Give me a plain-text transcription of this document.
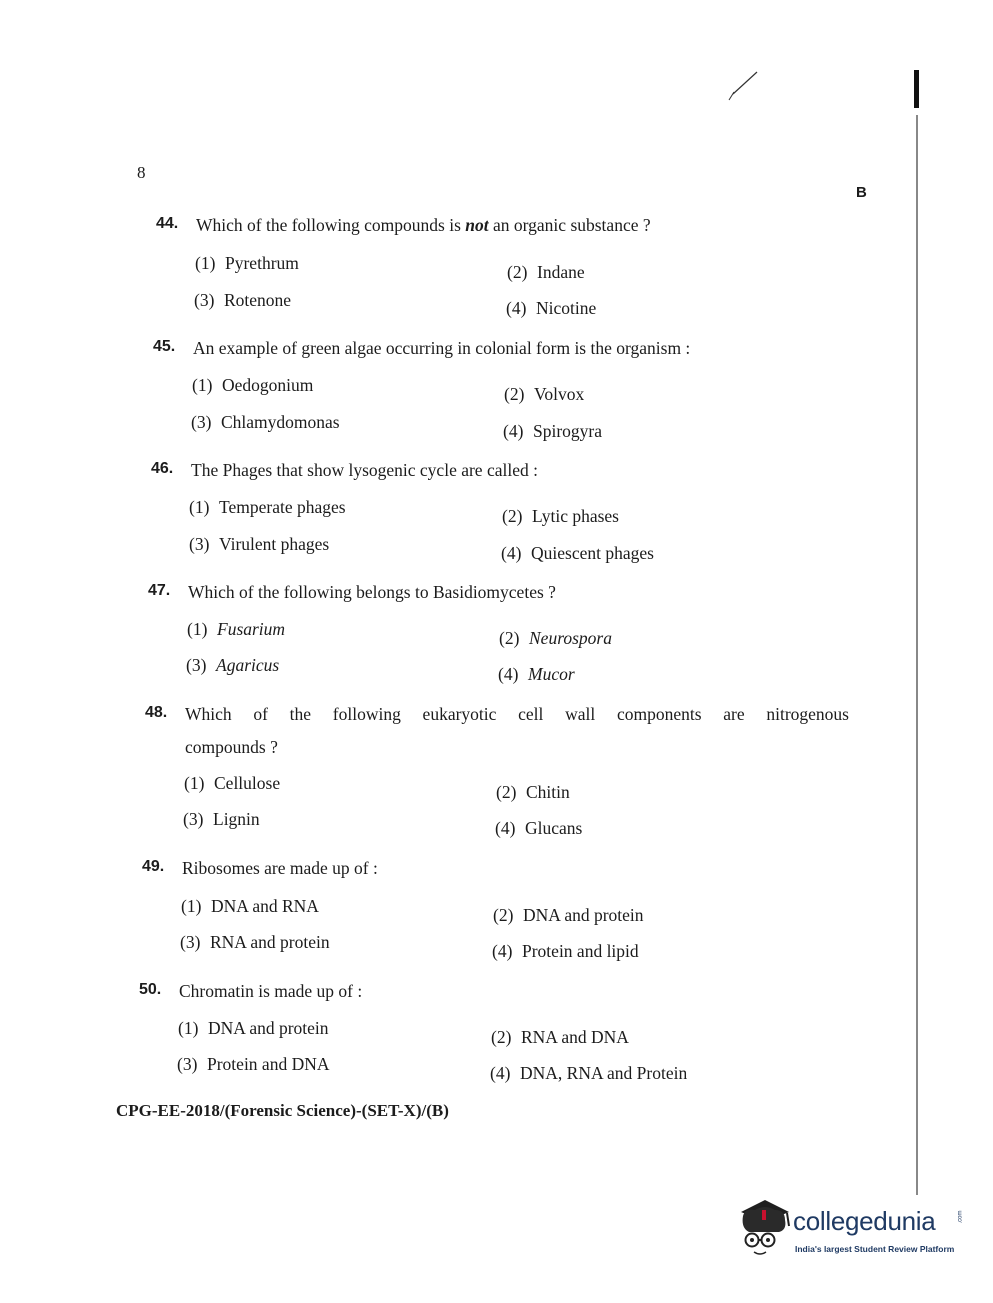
8
B
44. Which of the following compounds is not an organic substance ?
(1) Pyrethrum	(2) Indane
(3) Rotenone	(4) Nicotine
45. An example of green algae occurring in colonial form is the organism :
(1) Oedogonium	(2) Volvox
(3) Chlamydomonas	(4) Spirogyra
46. The Phages that show lysogenic cycle are called :
(1) Temperate phages	(2) Lytic phases
(3) Virulent phages	(4) Quiescent phages
47. Which of the following belongs to Basidiomycetes ?
(1) Fusarium	(2) Neurospora
(3) Agaricus	(4) Mucor
48. Which of the following eukaryotic cell wall components are nitrogenous
compounds ?
(1) Cellulose	(2) Chitin
(3) Lignin	(4) Glucans
49. Ribosomes are made up of :
(1) DNA and RNA	(2) DNA and protein
(3) RNA and protein	(4) Protein and lipid
50. Chromatin is made up of :
(1) DNA and protein	(2) RNA and DNA
(3) Protein and DNA	(4) DNA, RNA and Protein
CPG-EE-2018/(Forensic Science)-(SET-X)/(B)
collegedunia	.com
India's largest Student Review Platform
